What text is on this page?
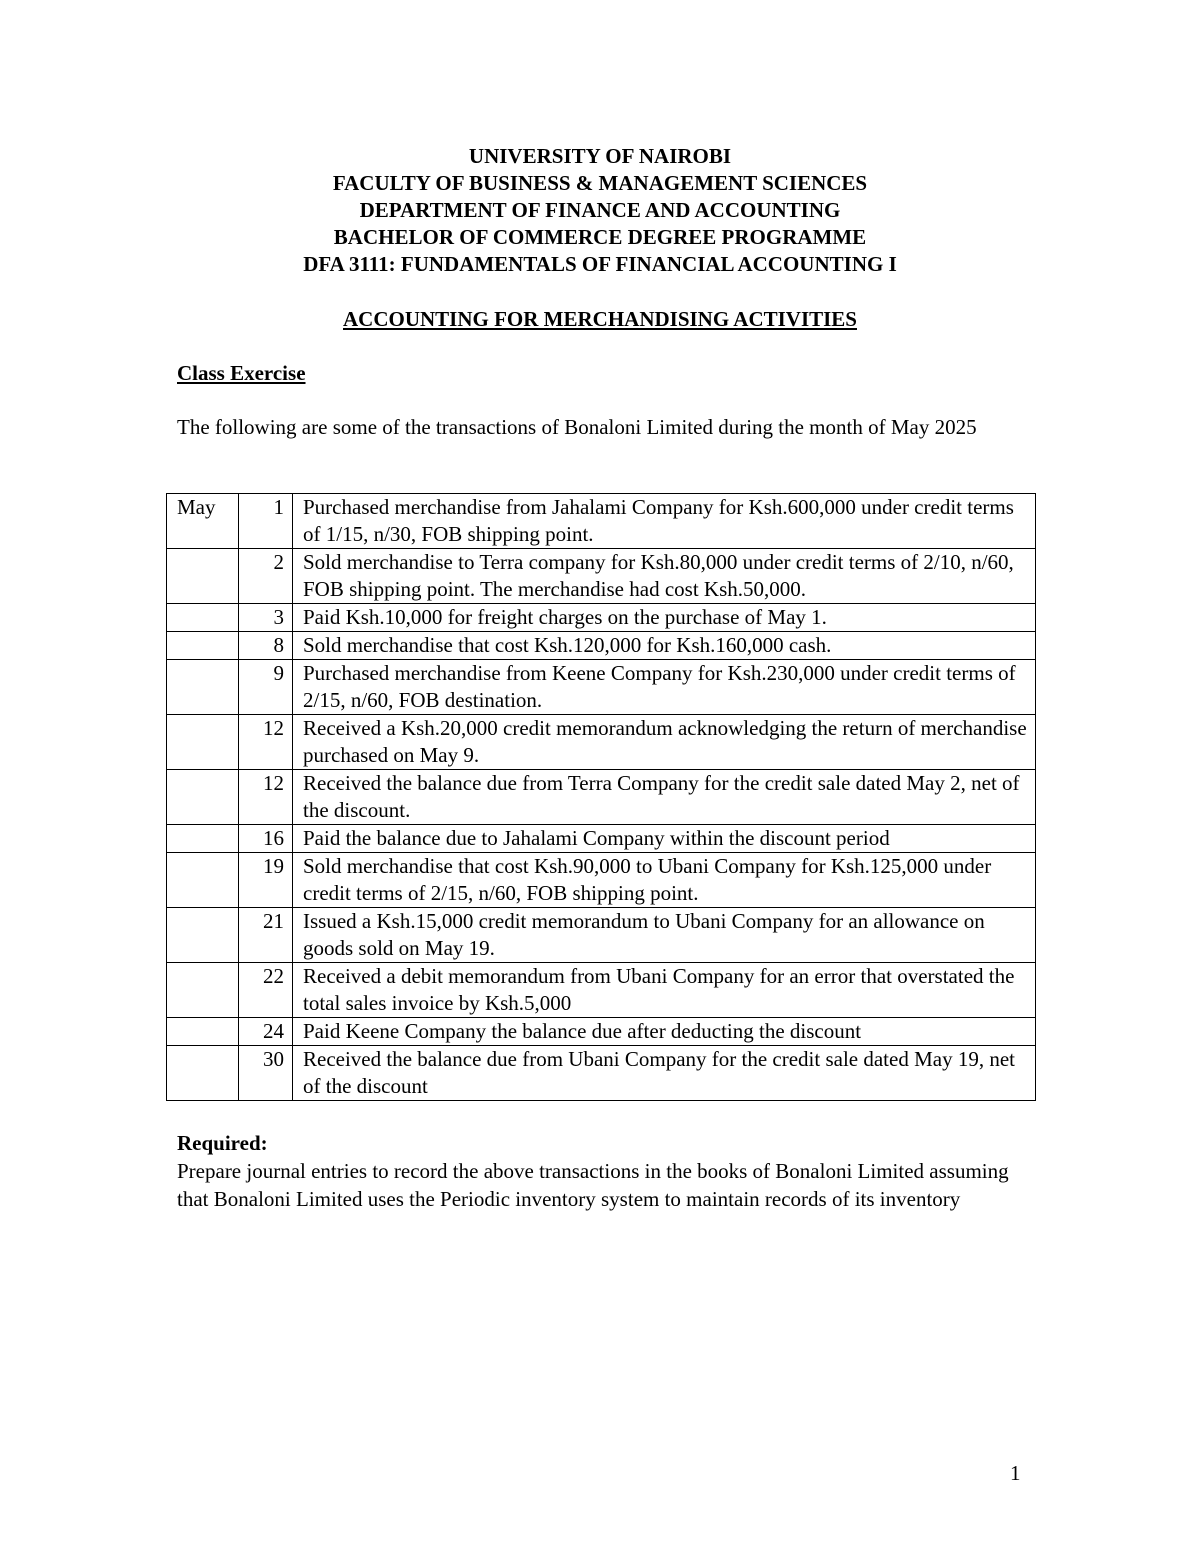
UNIVERSITY OF NAIROBI
FACULTY OF BUSINESS & MANAGEMENT SCIENCES
DEPARTMENT OF FINANCE AND ACCOUNTING
BACHELOR OF COMMERCE DEGREE PROGRAMME
DFA 3111: FUNDAMENTALS OF FINANCIAL ACCOUNTING I
ACCOUNTING FOR MERCHANDISING ACTIVITIES
Class Exercise
The following are some of the transactions of Bonaloni Limited during the month of May 2025
May	1	Purchased merchandise from Jahalami Company for Ksh.600,000 under credit terms of 1/15, n/30, FOB shipping point.
	2	Sold merchandise to Terra company for Ksh.80,000 under credit terms of 2/10, n/60, FOB shipping point. The merchandise had cost Ksh.50,000.
	3	Paid Ksh.10,000 for freight charges on the purchase of May 1.
	8	Sold merchandise that cost Ksh.120,000 for Ksh.160,000 cash.
	9	Purchased merchandise from Keene Company for Ksh.230,000 under credit terms of 2/15, n/60, FOB destination.
	12	Received a Ksh.20,000 credit memorandum acknowledging the return of merchandise purchased on May 9.
	12	Received the balance due from Terra Company for the credit sale dated May 2, net of the discount.
	16	Paid the balance due to Jahalami Company within the discount period
	19	Sold merchandise that cost Ksh.90,000 to Ubani Company for Ksh.125,000 under credit terms of 2/15, n/60, FOB shipping point.
	21	Issued a Ksh.15,000 credit memorandum to Ubani Company for an allowance on goods sold on May 19.
	22	Received a debit memorandum from Ubani Company for an error that overstated the total sales invoice by Ksh.5,000
	24	Paid Keene Company the balance due after deducting the discount
	30	Received the balance due from Ubani Company for the credit sale dated May 19, net of the discount
Required:
Prepare journal entries to record the above transactions in the books of Bonaloni Limited assuming that Bonaloni Limited uses the Periodic inventory system to maintain records of its inventory
1
